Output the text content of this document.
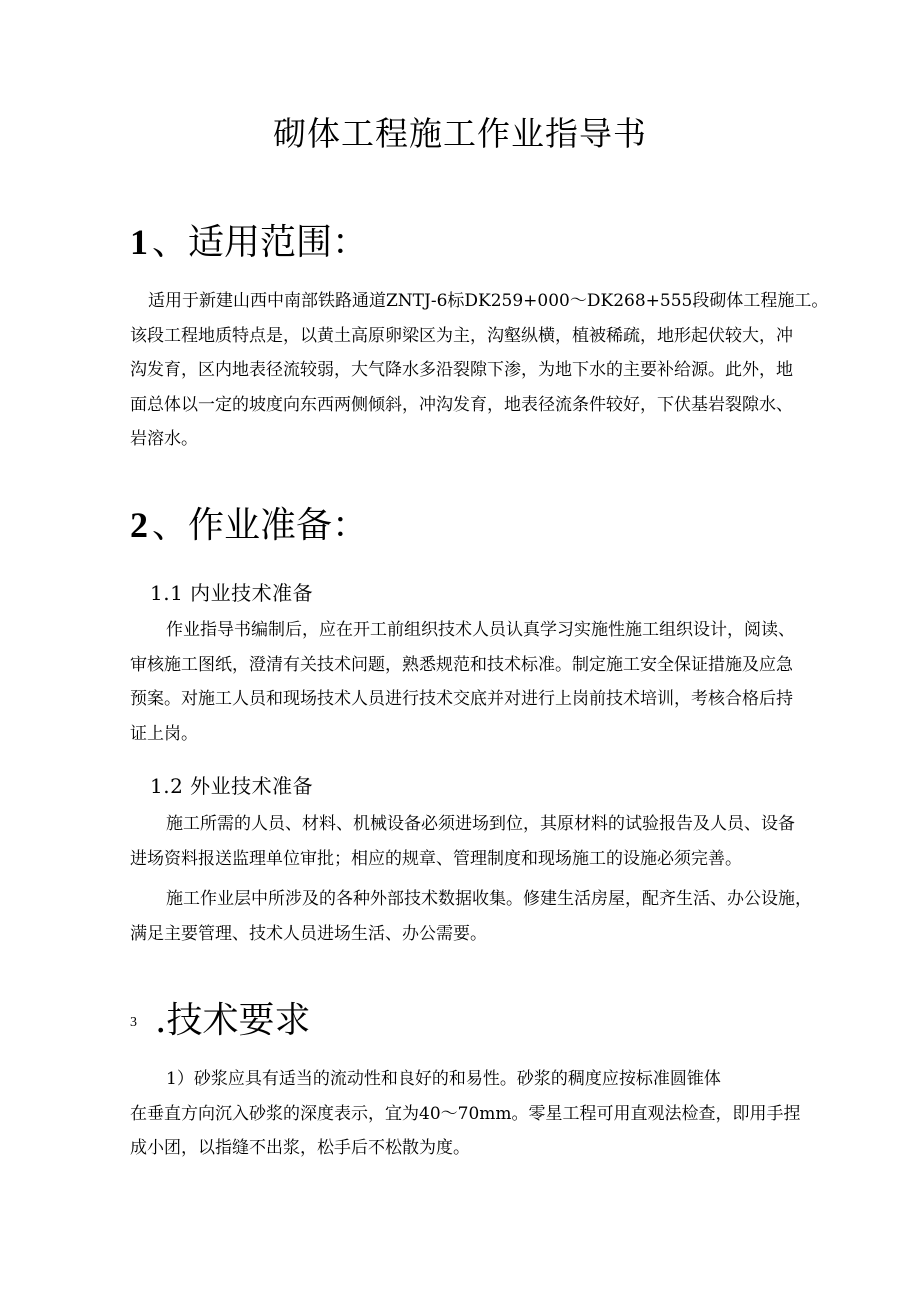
砌体工程施工作业指导书
1 、适用范围：
适用于新建山西中南部铁路通道ZNTJ-6标DK259+000～DK268+555段砌体工程施工。
该段工程地质特点是，以黄土高原卵梁区为主，沟壑纵横，植被稀疏，地形起伏较大，冲
沟发育，区内地表径流较弱，大气降水多沿裂隙下渗，为地下水的主要补给源。此外，地
面总体以一定的坡度向东西两侧倾斜，冲沟发育，地表径流条件较好，下伏基岩裂隙水、
岩溶水。
2 、作业准备：
1.1 内业技术准备
作业指导书编制后，应在开工前组织技术人员认真学习实施性施工组织设计，阅读、
审核施工图纸，澄清有关技术问题，熟悉规范和技术标准。制定施工安全保证措施及应急
预案。对施工人员和现场技术人员进行技术交底并对进行上岗前技术培训，考核合格后持
证上岗。
1.2 外业技术准备
施工所需的人员、材料、机械设备必须进场到位，其原材料的试验报告及人员、设备
进场资料报送监理单位审批；相应的规章、管理制度和现场施工的设施必须完善。
施工作业层中所涉及的各种外部技术数据收集。修建生活房屋，配齐生活、办公设施，
满足主要管理、技术人员进场生活、办公需要。
3 .技术要求
1）砂浆应具有适当的流动性和良好的和易性。砂浆的稠度应按标准圆锥体
在垂直方向沉入砂浆的深度表示，宜为40～70mm。零星工程可用直观法检查，即用手捏
成小团，以指缝不出浆，松手后不松散为度。
